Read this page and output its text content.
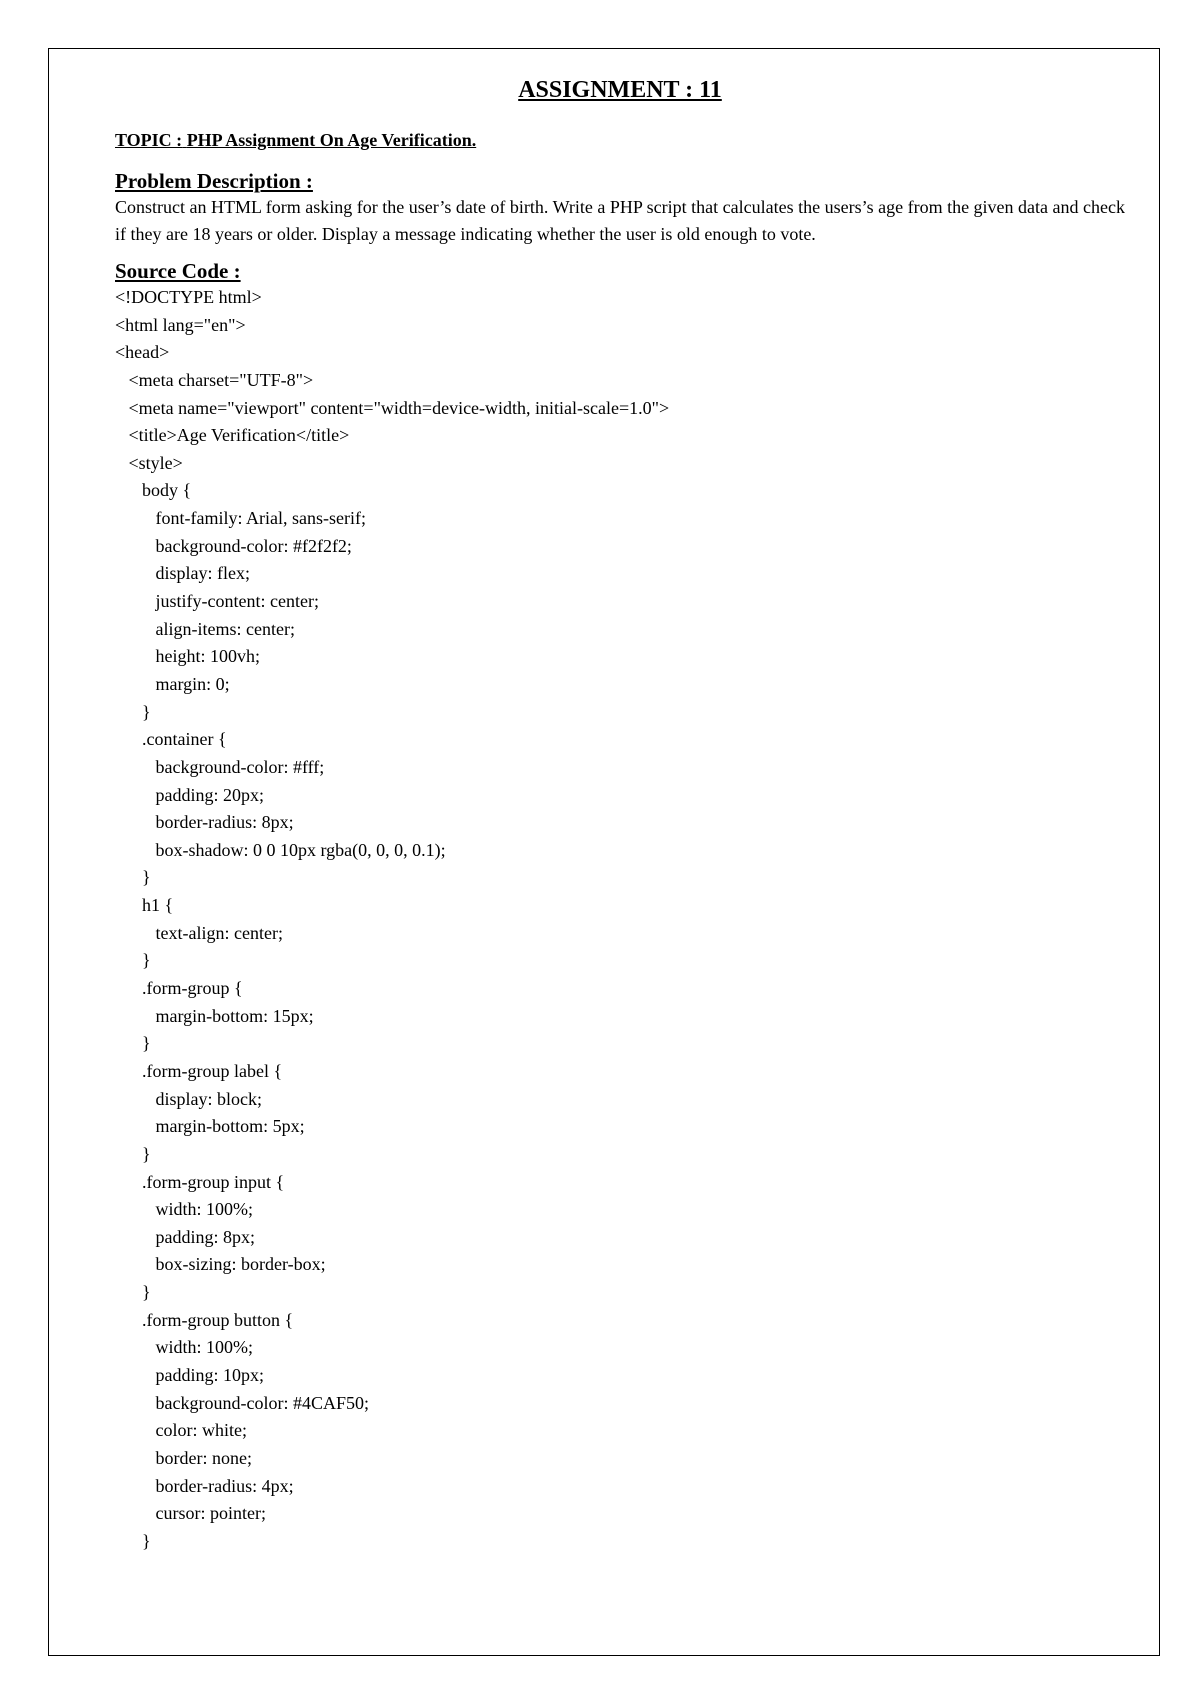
ASSIGNMENT : 11
TOPIC : PHP Assignment On Age Verification.
Problem Description :

Construct an HTML form asking for the user’s date of birth. Write a PHP script that calculates the users’s age from the given data and check if they are 18 years or older. Display a message indicating whether the user is old enough to vote.

Source Code :
<!DOCTYPE html>
<html lang="en">
<head>
<meta charset="UTF-8">
<meta name="viewport" content="width=device-width, initial-scale=1.0">
<title>Age Verification</title>
<style>
body {
font-family: Arial, sans-serif;
background-color: #f2f2f2;
display: flex;
justify-content: center;
align-items: center;
height: 100vh;
margin: 0;
}
.container {
background-color: #fff;
padding: 20px;
border-radius: 8px;
box-shadow: 0 0 10px rgba(0, 0, 0, 0.1);
}
h1 {
text-align: center;
}
.form-group {
margin-bottom: 15px;
}
.form-group label {
display: block;
margin-bottom: 5px;
}
.form-group input {
width: 100%;
padding: 8px;
box-sizing: border-box;
}
.form-group button {
width: 100%;
padding: 10px;
background-color: #4CAF50;
color: white;
border: none;
border-radius: 4px;
cursor: pointer;
}
